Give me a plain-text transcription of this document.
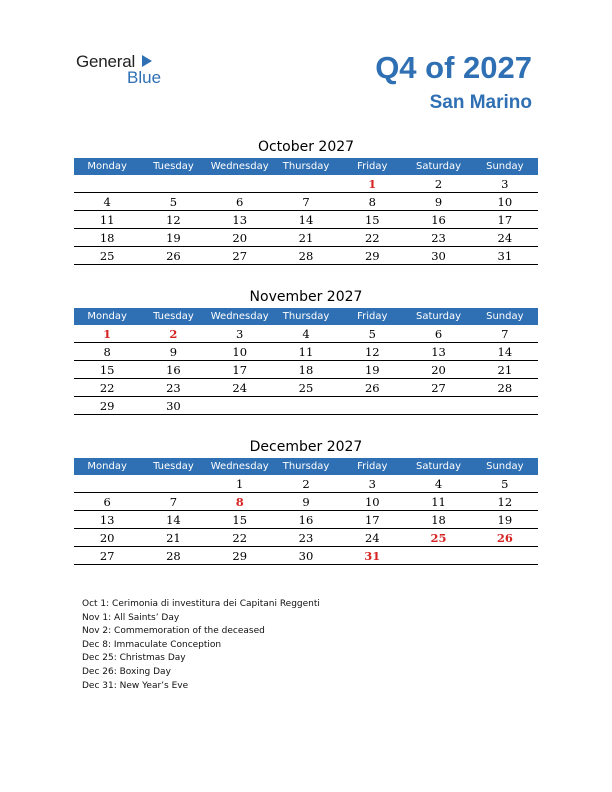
General
Blue	Q4 of 2027
San Marino
October 2027
Monday	Tuesday	Wednesday	Thursday	Friday	Saturday	Sunday
				1	2	3
4	5	6	7	8	9	10
11	12	13	14	15	16	17
18	19	20	21	22	23	24
25	26	27	28	29	30	31
November 2027
Monday	Tuesday	Wednesday	Thursday	Friday	Saturday	Sunday
1	2	3	4	5	6	7
8	9	10	11	12	13	14
15	16	17	18	19	20	21
22	23	24	25	26	27	28
29	30					
December 2027
Monday	Tuesday	Wednesday	Thursday	Friday	Saturday	Sunday
		1	2	3	4	5
6	7	8	9	10	11	12
13	14	15	16	17	18	19
20	21	22	23	24	25	26
27	28	29	30	31		
Oct 1: Cerimonia di investitura dei Capitani Reggenti
Nov 1: All Saints’ Day
Nov 2: Commemoration of the deceased
Dec 8: Immaculate Conception
Dec 25: Christmas Day
Dec 26: Boxing Day
Dec 31: New Year’s Eve
